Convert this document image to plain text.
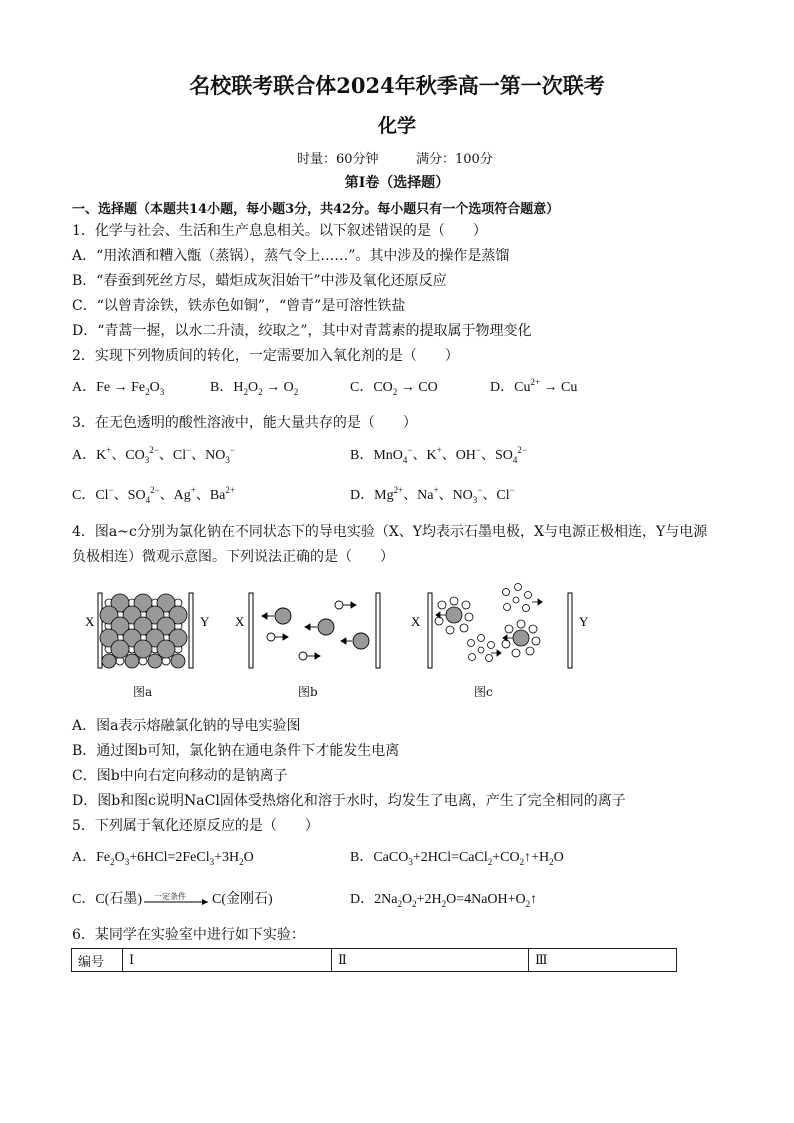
名校联考联合体2024年秋季高一第一次联考
化学
时量：60分钟	满分：100分
第Ⅰ卷（选择题）
一、选择题（本题共14小题，每小题3分，共42分。每小题只有一个选项符合题意）
1．化学与社会、生活和生产息息相关。以下叙述错误的是（　　）
A．“用浓酒和糟入甑（蒸锅），蒸气令上……”。其中涉及的操作是蒸馏
B．“春蚕到死丝方尽，蜡炬成灰泪始干”中涉及氧化还原反应
C．“以曾青涂铁，铁赤色如铜”，“曾青”是可溶性铁盐
D．“青蒿一握，以水二升渍，绞取之”，其中对青蒿素的提取属于物理变化
2．实现下列物质间的转化，一定需要加入氧化剂的是（　　）
A．$Fe \to Fe_2O_3$	B．$H_2O_2 \to O_2$	C．$CO_2$ → CO	D．$Cu^{2+} \to Cu$
3．在无色透明的酸性溶液中，能大量共存的是（　　）
A．K+、$CO_3^{2-}$、Cl−、$NO_3^-$	B．MnO$_4$−、K+、OH−、$SO_4^{2-}$
C．Cl−、$SO_4^{2-}$、Ag+、$Ba^{2+}$	D．$Mg^{2+}$、Na+、$NO_3^-$、Cl−
4．图a~c分别为氯化钠在不同状态下的导电实验（X、Y均表示石墨电极，X与电源正极相连，Y与电源
负极相连）微观示意图。下列说法正确的是（　　）
X	Y
图a
X
图b
X	Y
图c
A．图a表示熔融氯化钠的导电实验图
B．通过图b可知，氯化钠在通电条件下才能发生电离
C．图b中向右定向移动的是钠离子
D．图b和图c说明NaCl固体受热熔化和溶于水时，均发生了电离，产生了完全相同的离子
5．下列属于氧化还原反应的是（　　）
A．$Fe_2O_3+6HCl=2FeCl_3+3H_2O$	B．$CaCO_3+2HCl=CaCl_2+CO_2↑+H_2O$
C．C(石墨) 一定条件 C(金刚石)	D．$2Na_2O_2+2H_2O=4NaOH+O_2↑$
6．某同学在实验室中进行如下实验：
编号	Ⅰ	Ⅱ	Ⅲ
